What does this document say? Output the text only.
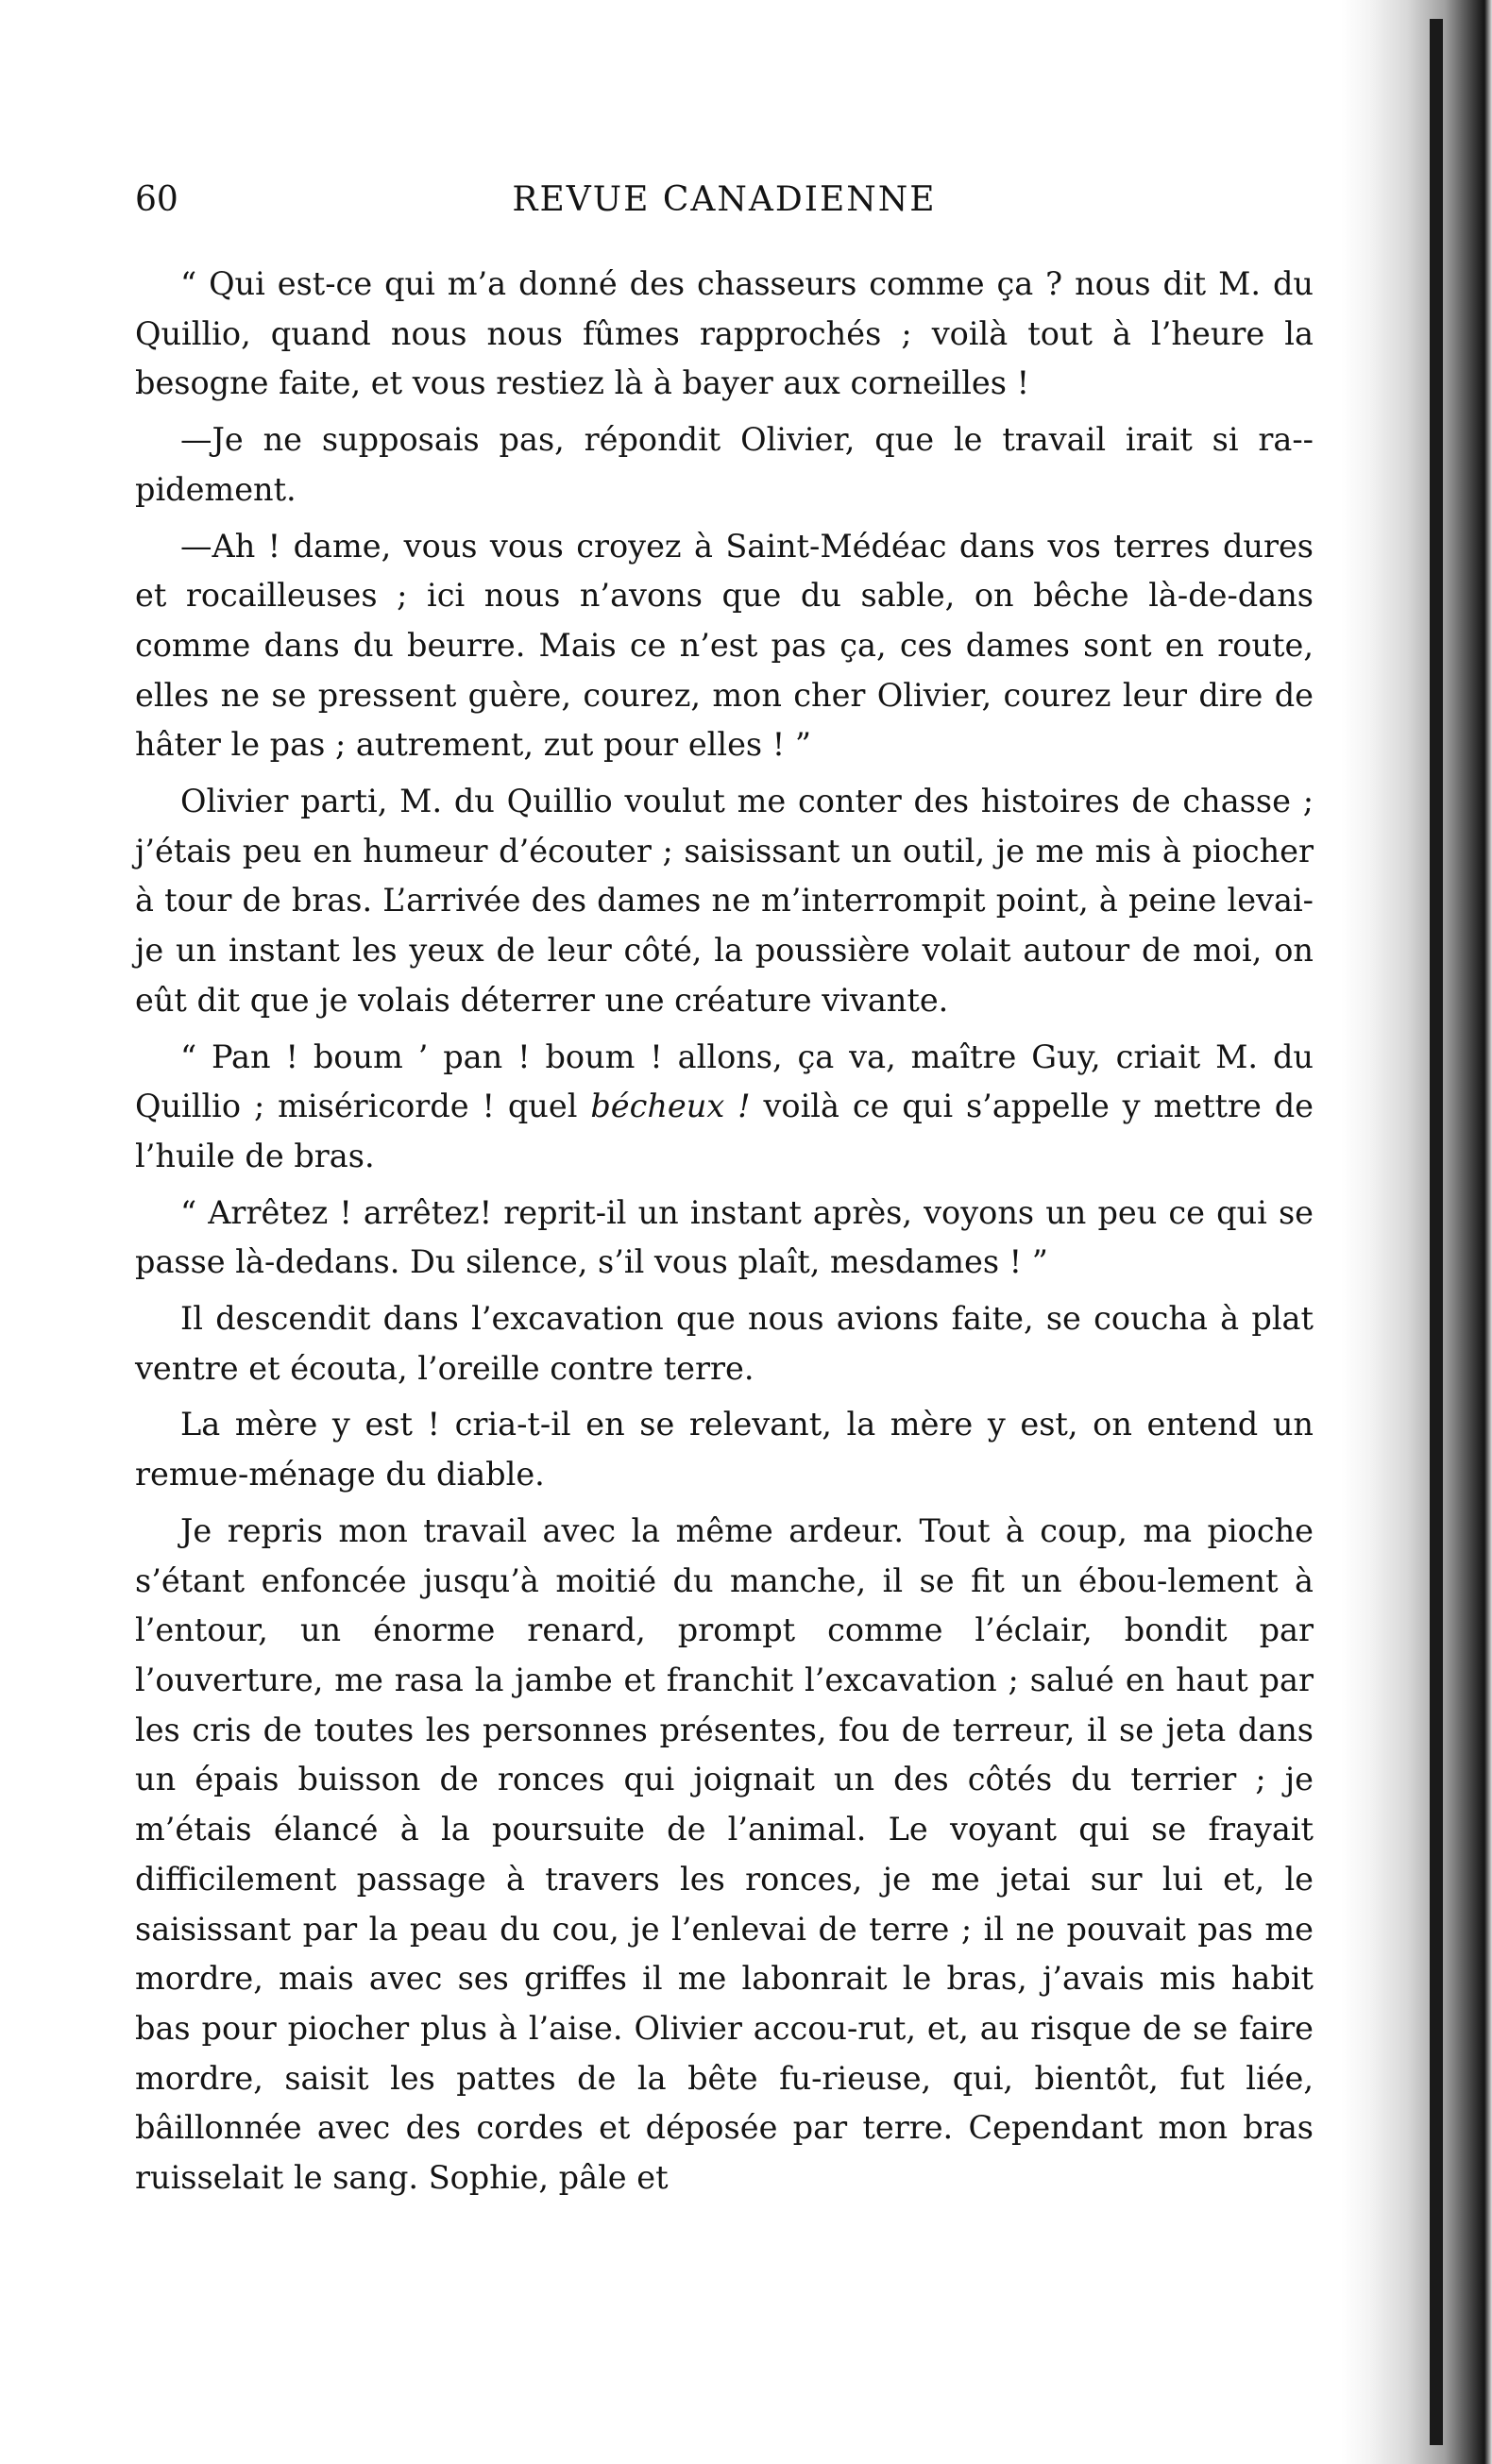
60	REVUE CANADIENNE

“ Qui est-ce qui m’a donné des chasseurs comme ça ? nous dit M. du Quillio, quand nous nous fûmes rapprochés ; voilà tout à l’heure la besogne faite, et vous restiez là à bayer aux corneilles !

—Je ne supposais pas, répondit Olivier, que le travail irait si ra-pidement.

—Ah ! dame, vous vous croyez à Saint-Médéac dans vos terres dures et rocailleuses ; ici nous n’avons que du sable, on bêche là-de-dans comme dans du beurre. Mais ce n’est pas ça, ces dames sont en route, elles ne se pressent guère, courez, mon cher Olivier, courez leur dire de hâter le pas ; autrement, zut pour elles ! ”

Olivier parti, M. du Quillio voulut me conter des histoires de chasse ; j’étais peu en humeur d’écouter ; saisissant un outil, je me mis à piocher à tour de bras. L’arrivée des dames ne m’interrompit point, à peine levai-je un instant les yeux de leur côté, la poussière volait autour de moi, on eût dit que je volais déterrer une créature vivante.

“ Pan ! boum ’ pan ! boum ! allons, ça va, maître Guy, criait M. du Quillio ; miséricorde ! quel bécheux ! voilà ce qui s’appelle y mettre de l’huile de bras.

“ Arrêtez ! arrêtez! reprit-il un instant après, voyons un peu ce qui se passe là-dedans. Du silence, s’il vous plaît, mesdames ! ”

Il descendit dans l’excavation que nous avions faite, se coucha à plat ventre et écouta, l’oreille contre terre.

La mère y est ! cria-t-il en se relevant, la mère y est, on entend un remue-ménage du diable.

Je repris mon travail avec la même ardeur. Tout à coup, ma pioche s’étant enfoncée jusqu’à moitié du manche, il se fit un ébou-lement à l’entour, un énorme renard, prompt comme l’éclair, bondit par l’ouverture, me rasa la jambe et franchit l’excavation ; salué en haut par les cris de toutes les personnes présentes, fou de terreur, il se jeta dans un épais buisson de ronces qui joignait un des côtés du terrier ; je m’étais élancé à la poursuite de l’animal. Le voyant qui se frayait difficilement passage à travers les ronces, je me jetai sur lui et, le saisissant par la peau du cou, je l’enlevai de terre ; il ne pouvait pas me mordre, mais avec ses griffes il me labonrait le bras, j’avais mis habit bas pour piocher plus à l’aise. Olivier accou-rut, et, au risque de se faire mordre, saisit les pattes de la bête fu-rieuse, qui, bientôt, fut liée, bâillonnée avec des cordes et déposée par terre. Cependant mon bras ruisselait le sang. Sophie, pâle et
